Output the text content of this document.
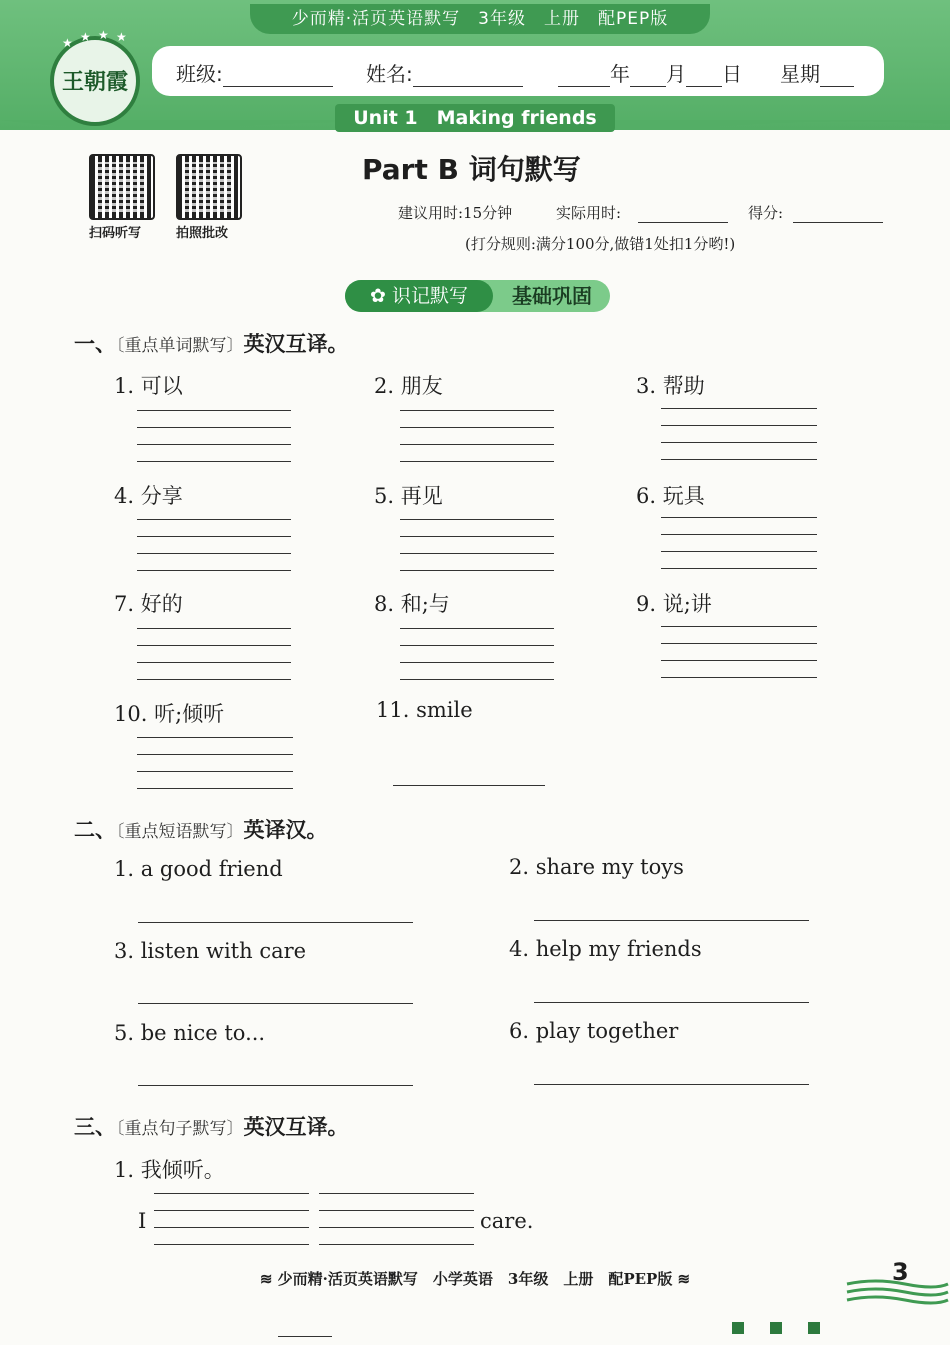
少而精·活页英语默写　3年级　上册　配PEP版
王朝霞
★ ★ ★ ★
班级:	姓名:	年 月 日 星期
Unit 1　Making friends
扫码听写	拍照批改
Part B 词句默写
建议用时:15分钟	实际用时:	得分:
(打分规则:满分100分,做错1处扣1分哟!)
✿ 识记默写	基础巩固
一、〔重点单词默写〕英汉互译。
1. 可以	2. 朋友	3. 帮助
4. 分享	5. 再见	6. 玩具
7. 好的	8. 和;与	9. 说;讲
10. 听;倾听	11. smile
二、〔重点短语默写〕英译汉。
1. a good friend	2. share my toys
3. listen with care	4. help my friends
5. be nice to...	6. play together
三、〔重点句子默写〕英汉互译。
1. 我倾听。
I	care.
≋ 少而精·活页英语默写　小学英语　3年级　上册　配PEP版 ≋	3
